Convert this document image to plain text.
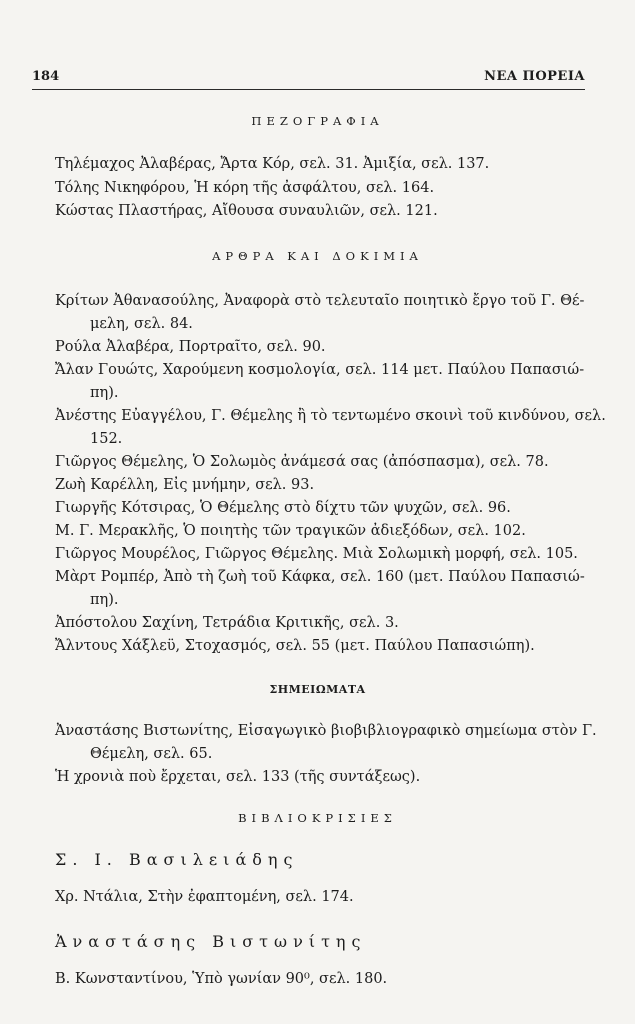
184	ΝΕΑ ΠΟΡΕΙΑ
ΠΕΖΟΓΡΑΦΙΑ
Τηλέμαχος Ἀλαβέρας, Ἄρτα Κόρ, σελ. 31. Ἀμιξία, σελ. 137.
Τόλης Νικηφόρου, Ἡ κόρη τῆς ἀσφάλτου, σελ. 164.
Κώστας Πλαστήρας, Αἴθουσα συναυλιῶν, σελ. 121.
ΑΡΘΡΑ ΚΑΙ ΔΟΚΙΜΙΑ
Κρίτων Ἀθανασούλης, Ἀναφορὰ στὸ τελευταῖο ποιητικὸ ἔργο τοῦ Γ. Θέ-
μελη, σελ. 84.
Ρούλα Ἀλαβέρα, Πορτραῖτο, σελ. 90.
Ἄλαν Γουώτς, Χαρούμενη κοσμολογία, σελ. 114 μετ. Παύλου Παπασιώ-
πη).
Ἀνέστης Εὐαγγέλου, Γ. Θέμελης ἢ τὸ τεντωμένο σκοινὶ τοῦ κινδύνου, σελ.
152.
Γιῶργος Θέμελης, Ὁ Σολωμὸς ἀνάμεσά σας (ἀπόσπασμα), σελ. 78.
Ζωὴ Καρέλλη, Εἰς μνήμην, σελ. 93.
Γιωργῆς Κότσιρας, Ὁ Θέμελης στὸ δίχτυ τῶν ψυχῶν, σελ. 96.
Μ. Γ. Μερακλῆς, Ὁ ποιητὴς τῶν τραγικῶν ἀδιεξόδων, σελ. 102.
Γιῶργος Μουρέλος, Γιῶργος Θέμελης. Μιὰ Σολωμικὴ μορφή, σελ. 105.
Μὰρτ Ρομπέρ, Ἀπὸ τὴ ζωὴ τοῦ Κάφκα, σελ. 160 (μετ. Παύλου Παπασιώ-
πη).
Ἀπόστολου Σαχίνη, Τετράδια Κριτικῆς, σελ. 3.
Ἄλντους Χάξλεϋ, Στοχασμός, σελ. 55 (μετ. Παύλου Παπασιώπη).
ΣΗΜΕΙΩΜΑΤΑ
Ἀναστάσης Βιστωνίτης, Εἰσαγωγικὸ βιοβιβλιογραφικὸ σημείωμα στὸν Γ.
Θέμελη, σελ. 65.
Ἡ χρονιὰ ποὺ ἔρχεται, σελ. 133 (τῆς συντάξεως).
ΒΙΒΛΙΟΚΡΙΣΙΕΣ
Σ. Ι. Βασιλειάδης
Χρ. Ντάλια, Στὴν ἐφαπτομένη, σελ. 174.
Ἀναστάσης Βιστωνίτης
Β. Κωνσταντίνου, Ὑπὸ γωνίαν 90⁰, σελ. 180.
